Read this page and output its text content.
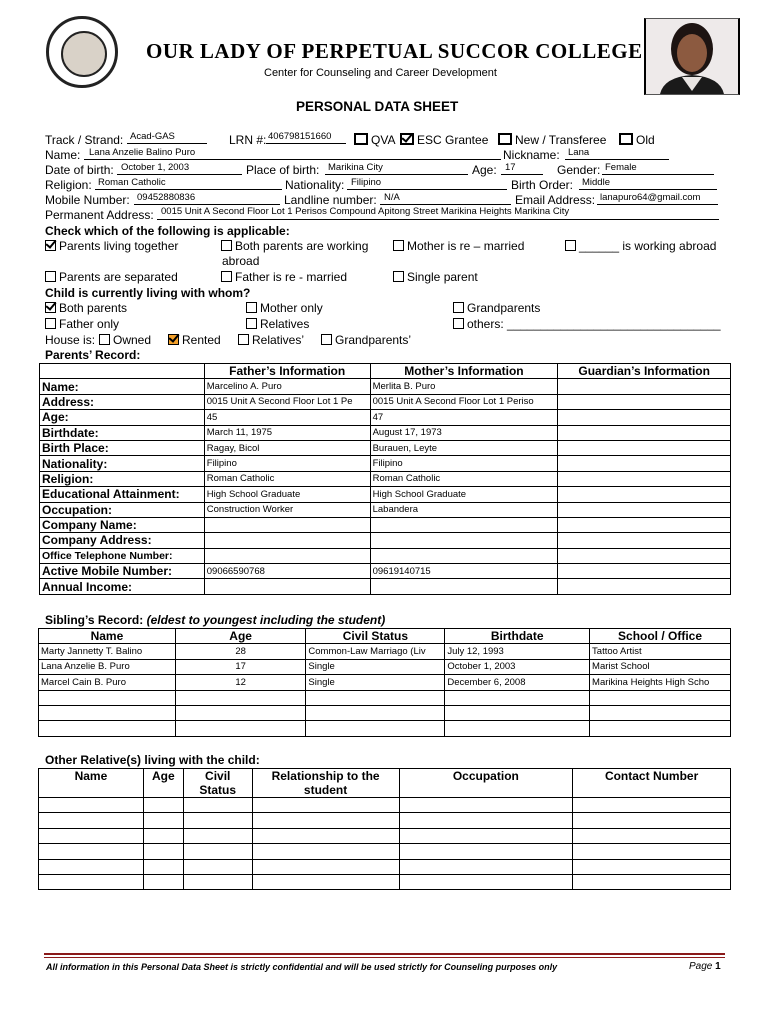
OUR LADY OF PERPETUAL SUCCOR COLLEGE
Center for Counseling and Career Development
PERSONAL DATA SHEET
Track / Strand: Acad-GAS	LRN #: 406798151660	QVA	ESC Grantee	New / Transferee	Old
Name: Lana Anzelie Balino Puro	Nickname: Lana
Date of birth: October 1, 2003	Place of birth: Marikina City	Age: 17	Gender: Female
Religion: Roman Catholic	Nationality: Filipino	Birth Order: Middle
Mobile Number: 09452880836	Landline number: N/A	Email Address: lanapuro64@gmail.com
Permanent Address: 0015 Unit A Second Floor Lot 1 Perisos Compound Apitong Street Marikina Heights Marikina City
Check which of the following is applicable:
Parents living together	Both parents are working
abroad
Mother is re – married	______ is working abroad
Parents are separated	Father is re - married	Single parent
Child is currently living with whom?
Both parents	Mother only	Grandparents
Father only	Relatives	others: ________________________________
House is:	Owned	Rented	Relatives’	Grandparents’
Parents’ Record:
	Father’s Information	Mother’s Information	Guardian’s Information
Name:	Marcelino A. Puro	Merlita B. Puro	
Address:	0015 Unit A Second Floor Lot 1 Pe	0015 Unit A Second Floor Lot 1 Periso	
Age:	45	47	
Birthdate:	March 11, 1975	August 17, 1973	
Birth Place:	Ragay, Bicol	Burauen, Leyte	
Nationality:	Filipino	Filipino	
Religion:	Roman Catholic	Roman Catholic	
Educational Attainment:	High School Graduate	High School Graduate	
Occupation:	Construction Worker	Labandera	
Company Name:			
Company Address:			
Office Telephone Number:			
Active Mobile Number:	09066590768	09619140715	
Annual Income:			
Sibling’s Record: (eldest to youngest including the student)
Name	Age	Civil Status	Birthdate	School / Office
Marty Jannetty T. Balino	28	Common-Law Marriago (Liv	July 12, 1993	Tattoo Artist
Lana Anzelie B. Puro	17	Single	October 1, 2003	Marist School
Marcel Cain B. Puro	12	Single	December 6, 2008	Marikina Heights High Scho

Other Relative(s) living with the child:
Name	Age	Civil Status	Relationship to the student	Occupation	Contact Number

All information in this Personal Data Sheet is strictly confidential and will be used strictly for Counseling purposes only	Page 1
